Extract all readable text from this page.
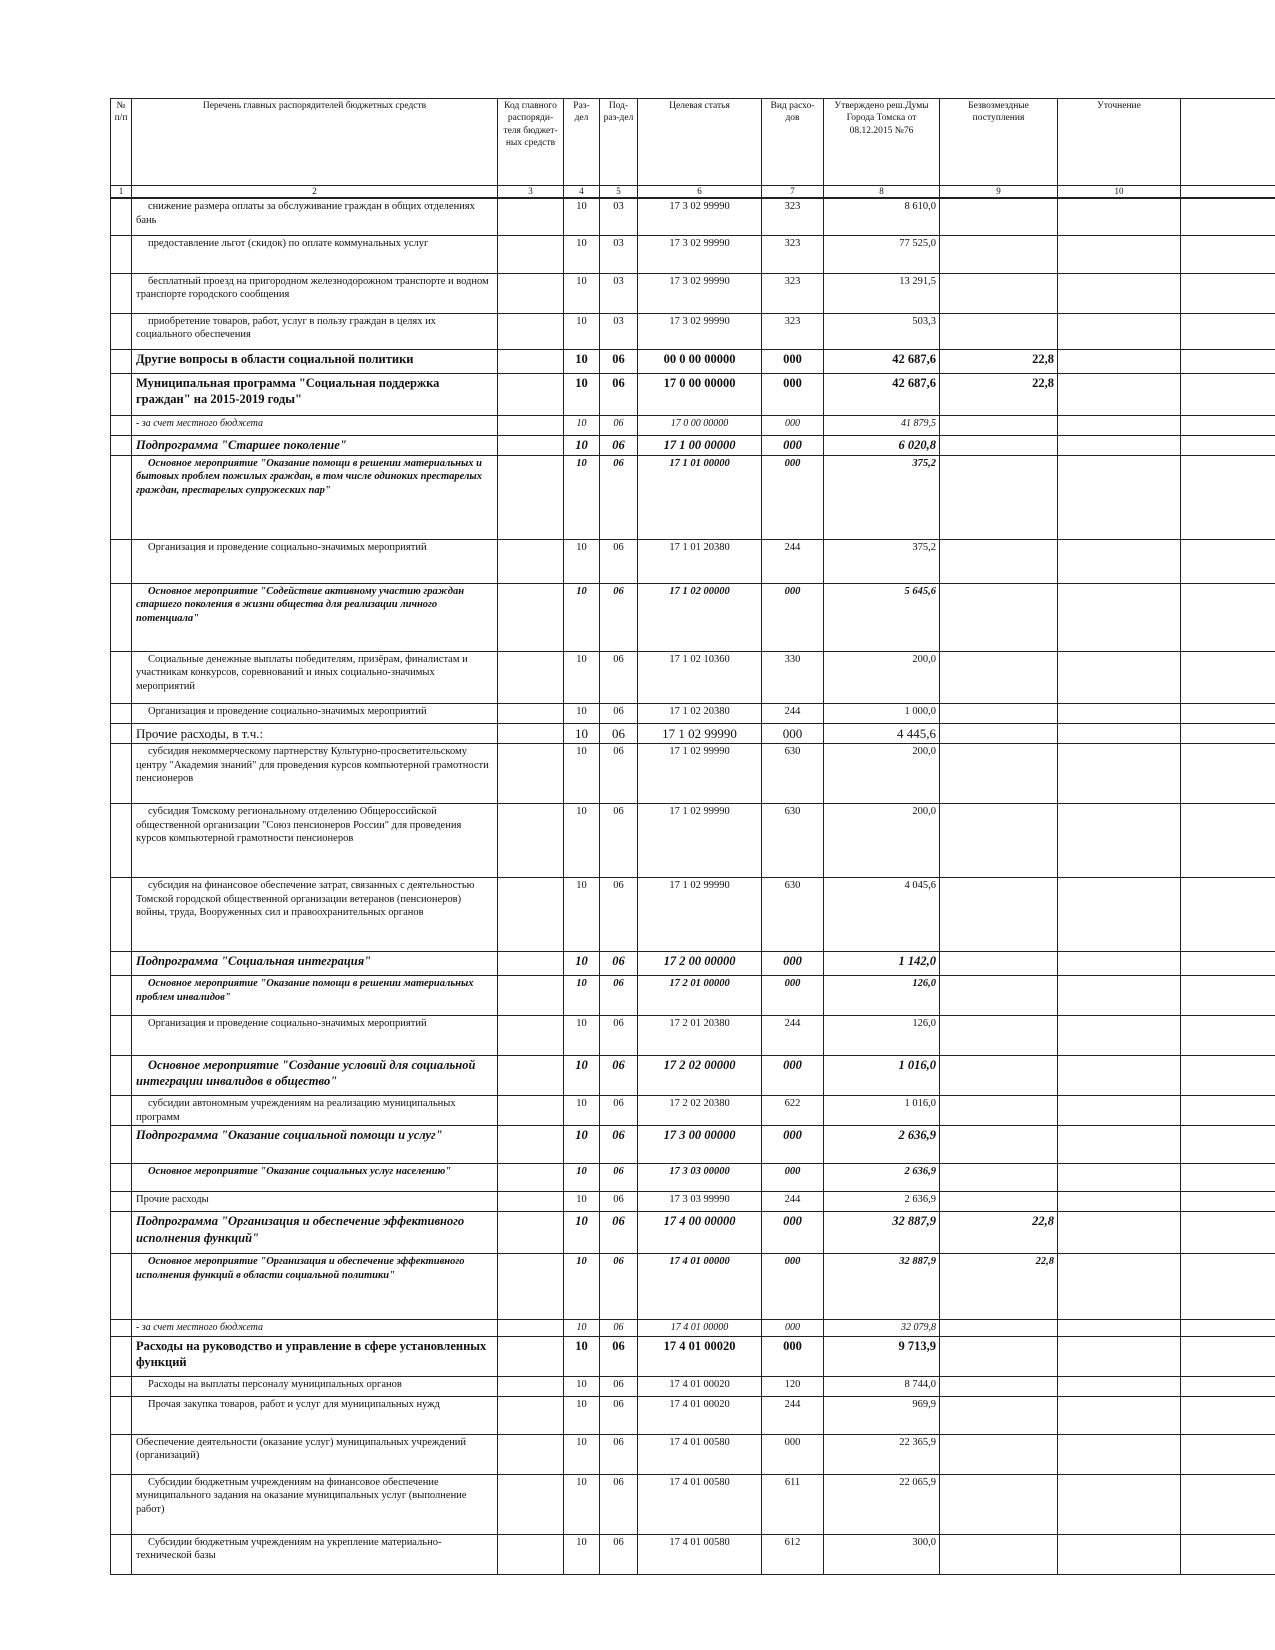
№ п/п	Перечень главных распорядителей бюджетных средств	Код главного распоряди-теля бюджет-ных средств	Раз-дел	Под-раз-дел	Целевая статья	Вид расхо-дов	Утверждено реш.Думы Города Томска от 08.12.2015 №76	Безвозмездные поступления	Уточнение	
1	2	3	4	5	6	7	8	9	10	
	снижение размера оплаты за обслуживание граждан в общих отделениях бань		10	03	17 3 02 99990	323	8 610,0			
	предоставление льгот (скидок) по оплате коммунальных услуг		10	03	17 3 02 99990	323	77 525,0			
	бесплатный проезд на пригородном железнодорожном транспорте и водном транспорте городского сообщения		10	03	17 3 02 99990	323	13 291,5			
	приобретение товаров, работ, услуг в пользу граждан в целях их социального обеспечения		10	03	17 3 02 99990	323	503,3			
	Другие вопросы в области социальной политики		10	06	00 0 00 00000	000	42 687,6	22,8		
	Муниципальная программа "Социальная поддержка граждан" на 2015-2019 годы"		10	06	17 0 00 00000	000	42 687,6	22,8		
	- за счет местного бюджета		10	06	17 0 00 00000	000	41 879,5			
	Подпрограмма "Старшее поколение"		10	06	17 1 00 00000	000	6 020,8			
	Основное мероприятие "Оказание помощи в решении материальных и бытовых проблем пожилых граждан, в том числе одиноких престарелых граждан, престарелых супружеских пар"		10	06	17 1 01 00000	000	375,2			
	Организация и проведение социально-значимых мероприятий		10	06	17 1 01 20380	244	375,2			
	Основное мероприятие "Содействие активному участию граждан старшего поколения в жизни общества для реализации личного потенциала"		10	06	17 1 02 00000	000	5 645,6			
	Социальные денежные выплаты победителям, призёрам, финалистам и участникам конкурсов, соревнований и иных социально-значимых мероприятий		10	06	17 1 02 10360	330	200,0			
	Организация и проведение социально-значимых мероприятий		10	06	17 1 02 20380	244	1 000,0			
	Прочие расходы, в т.ч.:		10	06	17 1 02 99990	000	4 445,6			
	субсидия некоммерческому партнерству Культурно-просветительскому центру "Академия знаний" для проведения курсов компьютерной грамотности пенсионеров		10	06	17 1 02 99990	630	200,0			
	субсидия Томскому региональному отделению Общероссийской общественной организации "Союз пенсионеров России" для проведения курсов компьютерной грамотности пенсионеров		10	06	17 1 02 99990	630	200,0			
	субсидия на финансовое обеспечение затрат, связанных с деятельностью Томской городской общественной организации ветеранов (пенсионеров) войны, труда, Вооруженных сил и правоохранительных органов		10	06	17 1 02 99990	630	4 045,6			
	Подпрограмма "Социальная интеграция"		10	06	17 2 00 00000	000	1 142,0			
	Основное мероприятие "Оказание помощи в решении материальных проблем инвалидов"		10	06	17 2 01 00000	000	126,0			
	Организация и проведение социально-значимых мероприятий		10	06	17 2 01 20380	244	126,0			
	Основное мероприятие "Создание условий для социальной интеграции инвалидов в общество"		10	06	17 2 02 00000	000	1 016,0			
	субсидии автономным учреждениям на реализацию муниципальных программ		10	06	17 2 02 20380	622	1 016,0			
	Подпрограмма "Оказание социальной помощи и услуг"		10	06	17 3 00 00000	000	2 636,9			
	Основное мероприятие "Оказание социальных услуг населению"		10	06	17 3 03 00000	000	2 636,9			
	Прочие расходы		10	06	17 3 03 99990	244	2 636,9			
	Подпрограмма "Организация и обеспечение эффективного исполнения функций"		10	06	17 4 00 00000	000	32 887,9	22,8		
	Основное мероприятие "Организация и обеспечение эффективного исполнения функций в области социальной политики"		10	06	17 4 01 00000	000	32 887,9	22,8		
	- за счет местного бюджета		10	06	17 4 01 00000	000	32 079,8			
	Расходы на руководство и управление в сфере установленных функций		10	06	17 4 01 00020	000	9 713,9			
	Расходы на выплаты персоналу муниципальных органов		10	06	17 4 01 00020	120	8 744,0			
	Прочая закупка товаров, работ и услуг для муниципальных нужд		10	06	17 4 01 00020	244	969,9			
	Обеспечение деятельности (оказание услуг) муниципальных учреждений (организаций)		10	06	17 4 01 00580	000	22 365,9			
	Субсидии бюджетным учреждениям на финансовое обеспечение муниципального задания на оказание муниципальных услуг (выполнение работ)		10	06	17 4 01 00580	611	22 065,9			
	Субсидии бюджетным учреждениям на укрепление материально-технической базы		10	06	17 4 01 00580	612	300,0			
